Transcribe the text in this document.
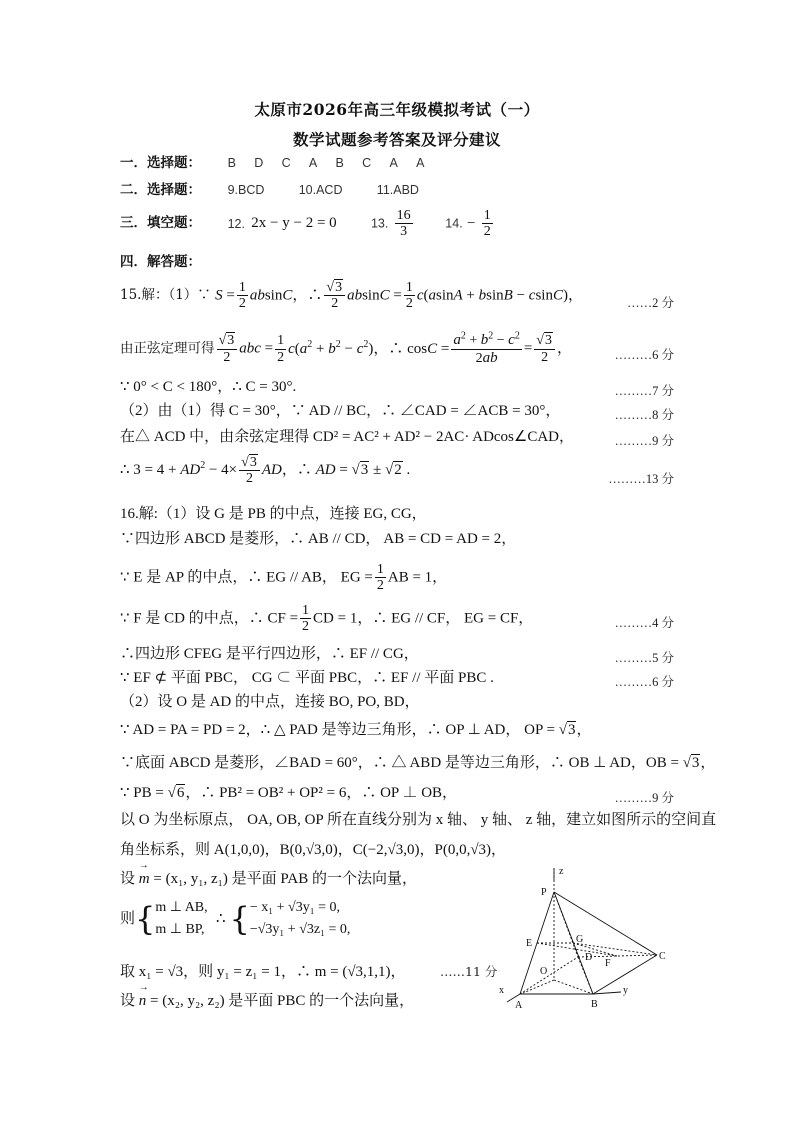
太原市2026年高三年级模拟考试（一）
数学试题参考答案及评分建议
一．选择题： B D C A B C A A
二．选择题： 9.BCD	10.ACD	11.ABD
三．填空题： 12. 2x − y − 2 = 0	13. $\frac{16}{3}$	14. − $\frac{1}{2}$
四．解答题：
15.解：（1）∵ $S = \frac{1}{2}$ absinC，∴ $\frac{√3}{2}$ $absinC = \frac{1}{2} c(asinA + bsinB - csinC)$，	……2 分
由正弦定理可得 $\frac{√3}{2}$ abc = $\frac{1}{2} c(a^2 + b^2 - c^2)$，∴ $\cos C = \frac{a^2 + b^2 - c^2}{2ab} = \frac{√3}{2}$ ，	………6 分
∵ 0° < C < 180°，∴ C = 30°.	………7 分
（2）由（1）得 C = 30°，∵ AD // BC，∴ ∠CAD = ∠ACB = 30°，	………8 分
在△ ACD 中，由余弦定理得 CD² = AC² + AD² − 2AC· ADcos∠CAD，	………9 分
∴ $3 = 4 + AD^2 - 4\times \frac{√3}{2}$ AD，∴ AD = √3 ± √2 .
………13 分
16.解:（1）设 G 是 PB 的中点，连接 EG, CG，
∵四边形 ABCD 是菱形，∴ AB // CD， AB = CD = AD = 2，
∵ E 是 AP 的中点，∴ EG // AB， EG = $\frac{1}{2}$ AB = 1，
∵ F 是 CD 的中点，∴ CF = $\frac{1}{2}$ CD = 1，∴ EG // CF， EG = CF，	………4 分
∴四边形 CFEG 是平行四边形，∴ EF // CG，	………5 分
∵ EF ⊄ 平面 PBC， CG ⊂ 平面 PBC，∴ EF // 平面 PBC .	………6 分
（2）设 O 是 AD 的中点，连接 BO, PO, BD，
∵ AD = PA = PD = 2，∴ △ PAD 是等边三角形，∴ OP ⊥ AD， OP = √3，
∵底面 ABCD 是菱形，∠BAD = 60°，∴ △ ABD 是等边三角形，∴ OB ⊥ AD，OB = √3，
∵ PB = √6，∴ PB² = OB² + OP² = 6，∴ OP ⊥ OB，	………9 分
以 O 为坐标原点， OA, OB, OP 所在直线分别为 x 轴、 y 轴、 z 轴，建立如图所示的空间直
角坐标系，则 A(1,0,0)，B(0,√3,0)，C(−2,√3,0)，P(0,0,√3)，
设 → m = (x₁, y₁, z₁) 是平面 PAB 的一个法向量，
则{m ⊥ AB,
m ⊥ BP, ∴ {− x₁ + √3y₁ = 0,
−√3y₁ + √3z₁ = 0,
取 x₁ = √3，则 y₁ = z₁ = 1，∴ m = (√3,1,1)，	……11 分
设 → n = (x₂, y₂, z₂) 是平面 PBC 的一个法向量，
P
z
E	G
D
O
F
C
x
A	B
y
